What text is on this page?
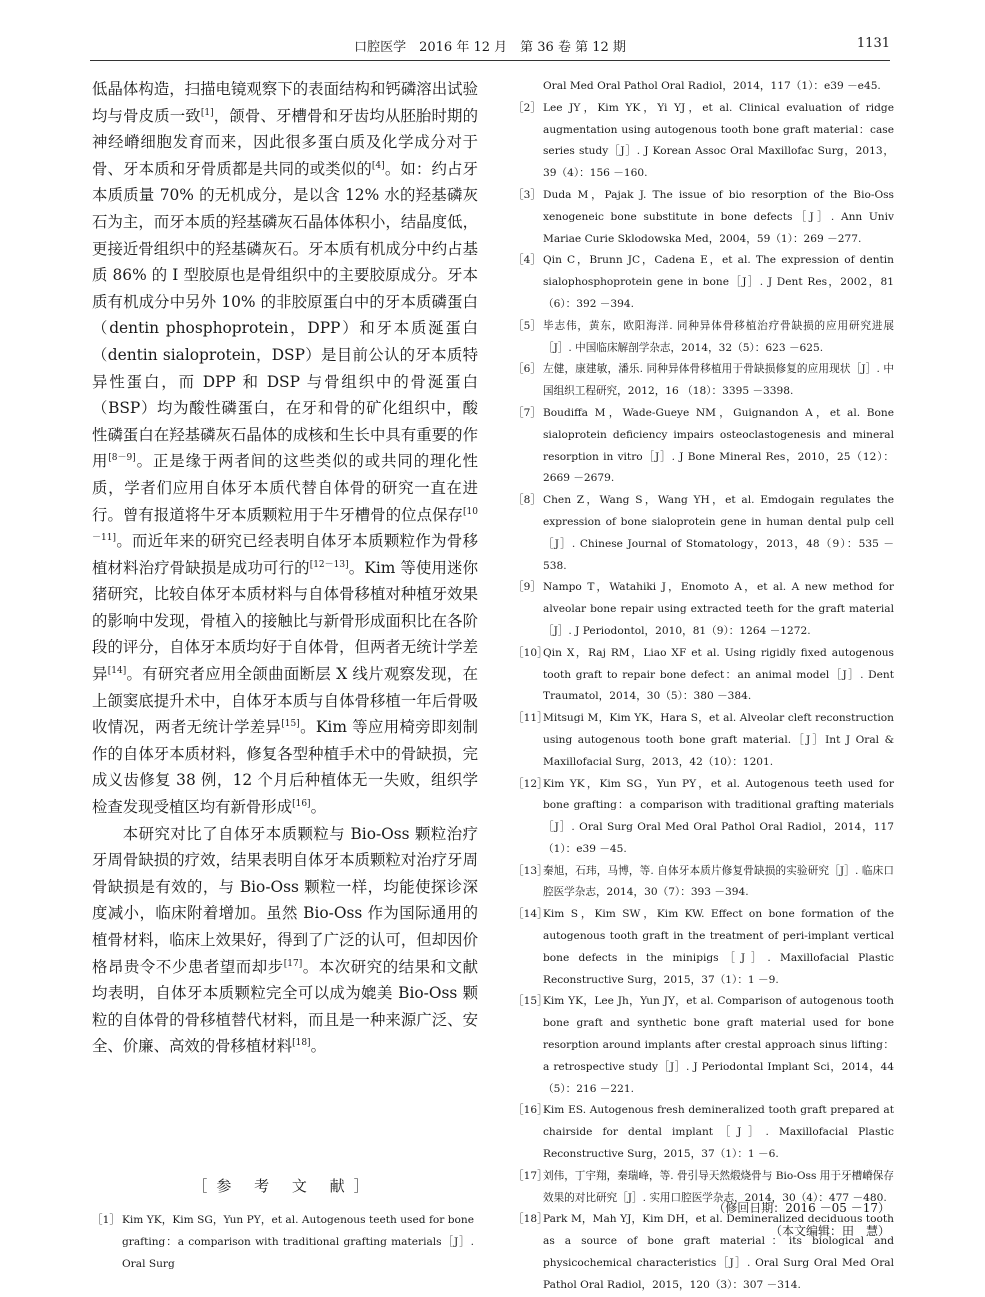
口腔医学　2016 年 12 月　第 36 卷 第 12 期	1131

低晶体构造，扫描电镜观察下的表面结构和钙磷溶出试验均与骨皮质一致[1]，颌骨、牙槽骨和牙齿均从胚胎时期的神经嵴细胞发育而来，因此很多蛋白质及化学成分对于骨、牙本质和牙骨质都是共同的或类似的[4]。如：约占牙本质质量 70% 的无机成分，是以含 12% 水的羟基磷灰石为主，而牙本质的羟基磷灰石晶体体积小，结晶度低，更接近骨组织中的羟基磷灰石。牙本质有机成分中约占基质 86% 的 Ⅰ 型胶原也是骨组织中的主要胶原成分。牙本质有机成分中另外 10% 的非胶原蛋白中的牙本质磷蛋白（dentin phosphoprotein，DPP）和牙本质涎蛋白（dentin sialoprotein，DSP）是目前公认的牙本质特异性蛋白，而 DPP 和 DSP 与骨组织中的骨涎蛋白（BSP）均为酸性磷蛋白，在牙和骨的矿化组织中，酸性磷蛋白在羟基磷灰石晶体的成核和生长中具有重要的作用[8－9]。正是缘于两者间的这些类似的或共同的理化性质，学者们应用自体牙本质代替自体骨的研究一直在进行。曾有报道将牛牙本质颗粒用于牛牙槽骨的位点保存[10－11]。而近年来的研究已经表明自体牙本质颗粒作为骨移植材料治疗骨缺损是成功可行的[12－13]。Kim 等使用迷你猪研究，比较自体牙本质材料与自体骨移植对种植牙效果的影响中发现，骨植入的接触比与新骨形成面积比在各阶段的评分，自体牙本质均好于自体骨，但两者无统计学差异[14]。有研究者应用全颌曲面断层 X 线片观察发现，在上颌窦底提升术中，自体牙本质与自体骨移植一年后骨吸收情况，两者无统计学差异[15]。Kim 等应用椅旁即刻制作的自体牙本质材料，修复各型种植手术中的骨缺损，完成义齿修复 38 例，12 个月后种植体无一失败，组织学检查发现受植区均有新骨形成[16]。

本研究对比了自体牙本质颗粒与 Bio-Oss 颗粒治疗牙周骨缺损的疗效，结果表明自体牙本质颗粒对治疗牙周骨缺损是有效的，与 Bio-Oss 颗粒一样，均能使探诊深度减小，临床附着增加。虽然 Bio-Oss 作为国际通用的植骨材料，临床上效果好，得到了广泛的认可，但却因价格昂贵令不少患者望而却步[17]。本次研究的结果和文献均表明，自体牙本质颗粒完全可以成为媲美 Bio-Oss 颗粒的自体骨的骨移植替代材料，而且是一种来源广泛、安全、价廉、高效的骨移植材料[18]。

［参 考 文 献］
［1］ Kim YK，Kim SG，Yun PY，et al. Autogenous teeth used for bone grafting：a comparison with traditional grafting materials［J］. Oral Surg
Oral Med Oral Pathol Oral Radiol，2014，117（1）：e39 －e45.
［2］ Lee JY，Kim YK，Yi YJ，et al. Clinical evaluation of ridge augmentation using autogenous tooth bone graft material：case series study［J］. J Korean Assoc Oral Maxillofac Surg，2013，39（4）：156 －160.
［3］ Duda M，Pajak J. The issue of bio resorption of the Bio-Oss xenogeneic bone substitute in bone defects［J］. Ann Univ Mariae Curie Sklodowska Med，2004，59（1）：269 －277.
［4］ Qin C，Brunn JC，Cadena E，et al. The expression of dentin sialophosphoprotein gene in bone［J］. J Dent Res，2002，81（6）：392 －394.
［5］ 毕志伟，黄东，欧阳海洋. 同种异体骨移植治疗骨缺损的应用研究进展［J］. 中国临床解剖学杂志，2014，32（5）：623 －625.
［6］ 左健，康建敏，潘乐. 同种异体骨移植用于骨缺损修复的应用现状［J］. 中国组织工程研究，2012，16 （18）：3395 －3398.
［7］ Boudiffa M，Wade-Gueye NM，Guignandon A，et al. Bone sialoprotein deficiency impairs osteoclastogenesis and mineral resorption in vitro［J］. J Bone Mineral Res，2010，25（12）：2669 －2679.
［8］ Chen Z，Wang S，Wang YH，et al. Emdogain regulates the expression of bone sialoprotein gene in human dental pulp cell［J］. Chinese Journal of Stomatology，2013，48（9）：535 －538.
［9］ Nampo T，Watahiki J，Enomoto A，et al. A new method for alveolar bone repair using extracted teeth for the graft material［J］. J Periodontol，2010，81（9）：1264 －1272.
［10］
Qin X，Raj RM，Liao XF et al. Using rigidly fixed autogenous tooth graft to repair bone defect：an animal model［J］. Dent Traumatol，2014，30（5）：380 －384.
［11］
Mitsugi M，Kim YK，Hara S，et al. Alveolar cleft reconstruction using autogenous tooth bone graft material.［J］Int J Oral & Maxillofacial Surg，2013，42（10）：1201.
［12］
Kim YK，Kim SG，Yun PY，et al. Autogenous teeth used for bone grafting：a comparison with traditional grafting materials［J］. Oral Surg Oral Med Oral Pathol Oral Radiol，2014，117（1）：e39 －45.
［13］
秦旭，石玮，马博，等. 自体牙本质片修复骨缺损的实验研究［J］. 临床口腔医学杂志，2014，30（7）：393 －394.
［14］
Kim S，Kim SW，Kim KW. Effect on bone formation of the autogenous tooth graft in the treatment of peri-implant vertical bone defects in the minipigs［J］. Maxillofacial Plastic Reconstructive Surg，2015，37（1）：1 －9.
［15］
Kim YK，Lee Jh，Yun JY，et al. Comparison of autogenous tooth bone graft and synthetic bone graft material used for bone resorption around implants after crestal approach sinus lifting：a retrospective study［J］. J Periodontal Implant Sci，2014，44（5）：216 －221.
［16］
Kim ES. Autogenous fresh demineralized tooth graft prepared at chairside for dental implant［J］. Maxillofacial Plastic Reconstructive Surg，2015，37（1）：1 －6.
［17］
刘伟，丁宇翔，秦瑞峰，等. 骨引导天然煅烧骨与 Bio-Oss 用于牙槽嵴保存效果的对比研究［J］. 实用口腔医学杂志，2014，30（4）：477 －480.
［18］
Park M，Mah YJ，Kim DH，et al. Demineralized deciduous tooth as a source of bone graft material：its biological and physicochemical characteristics［J］. Oral Surg Oral Med Oral Pathol Oral Radiol，2015，120（3）：307 －314.
（修回日期：2016 －05 －17）
（本文编辑：田　慧）
